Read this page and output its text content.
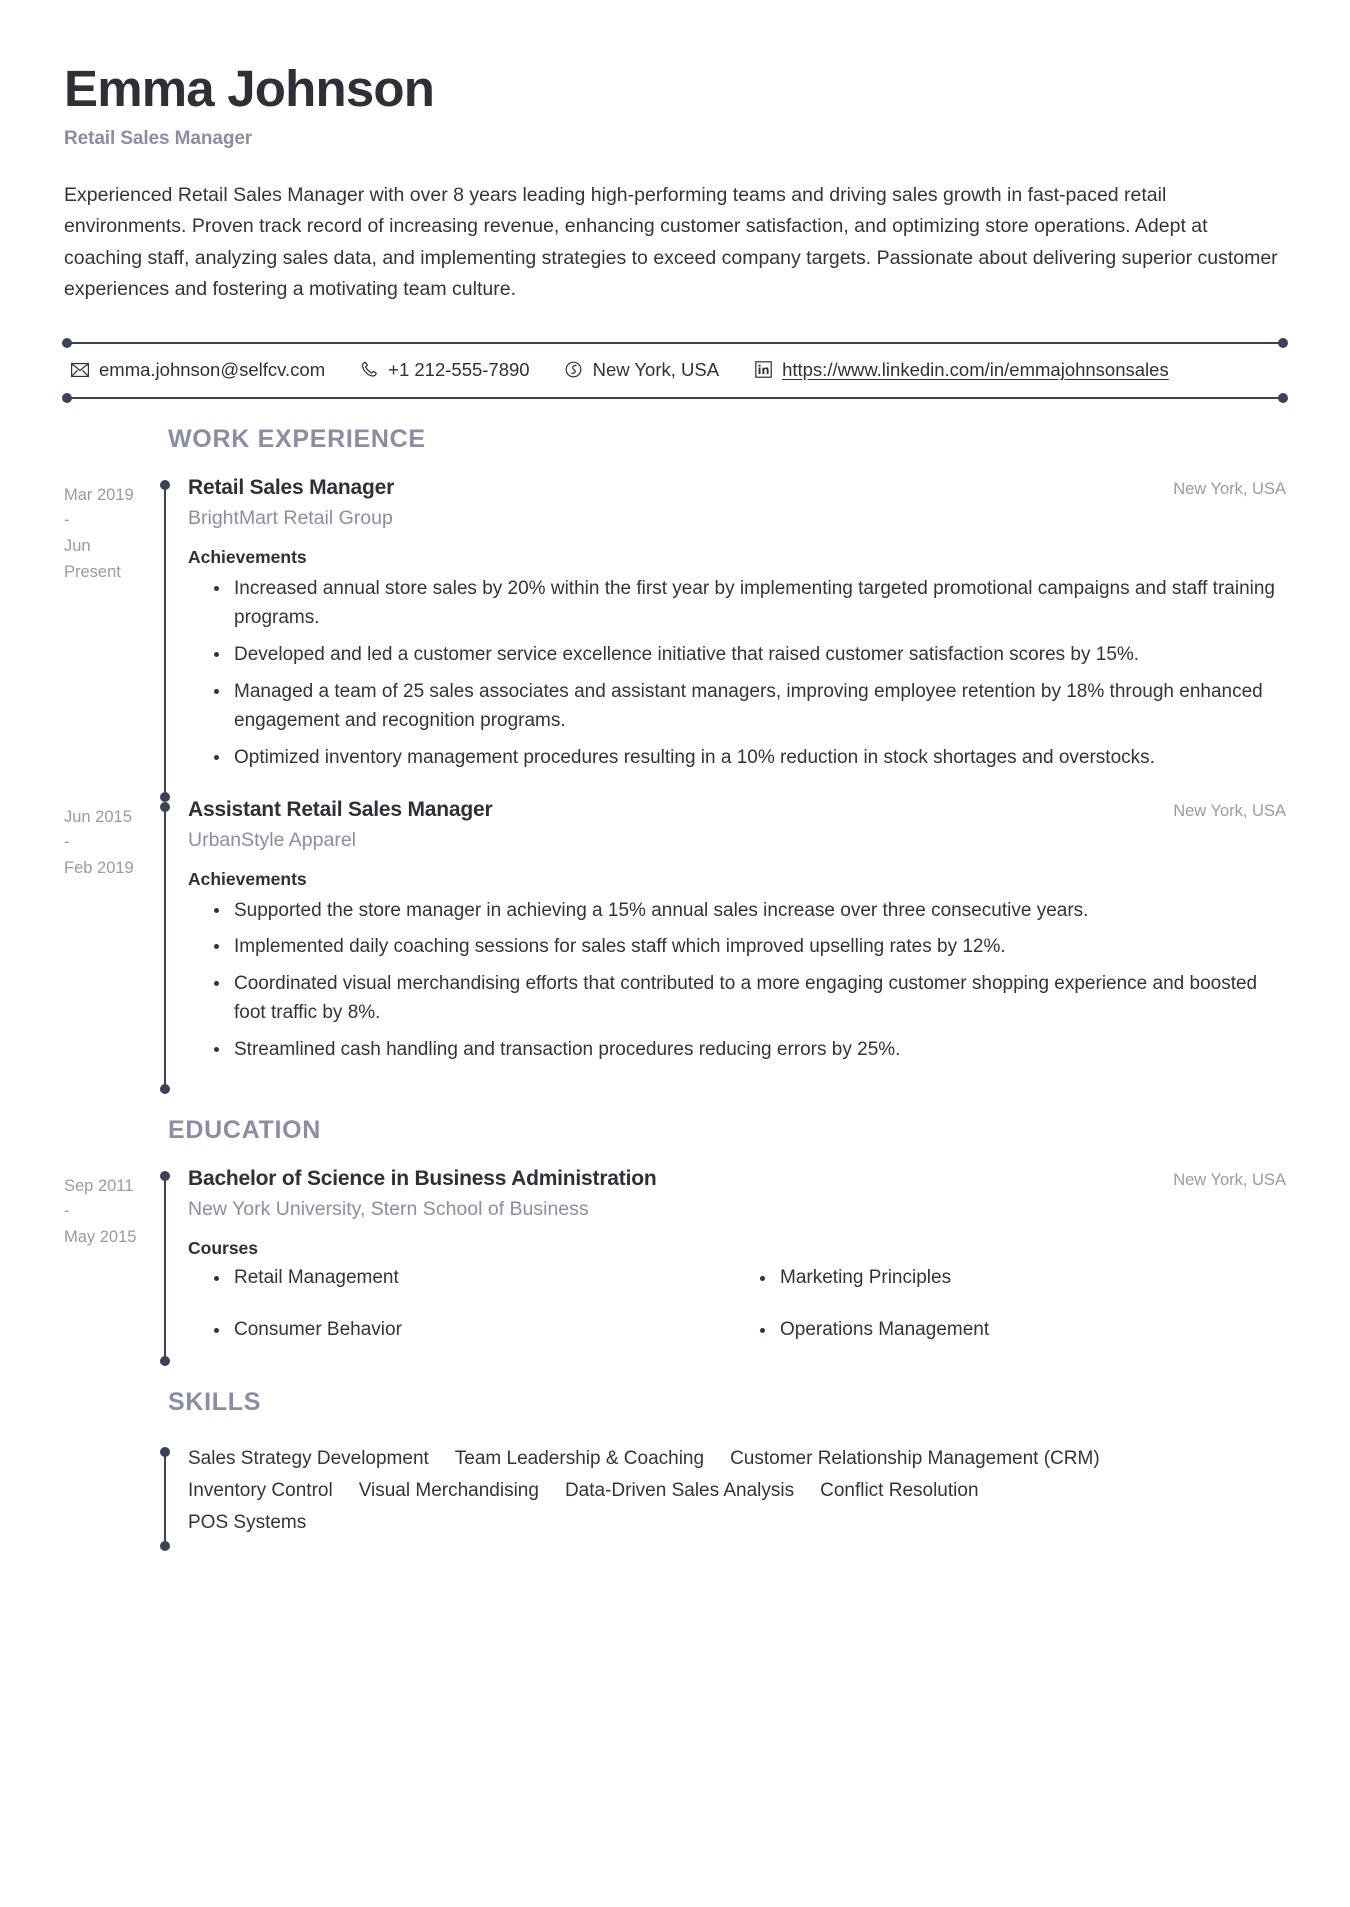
Emma Johnson
Retail Sales Manager

Experienced Retail Sales Manager with over 8 years leading high-performing teams and driving sales growth in fast-paced retail environments. Proven track record of increasing revenue, enhancing customer satisfaction, and optimizing store operations. Adept at coaching staff, analyzing sales data, and implementing strategies to exceed company targets. Passionate about delivering superior customer experiences and fostering a motivating team culture.

emma.johnson@selfcv.com	+1 212-555-7890	New York, USA	https://www.linkedin.com/in/emmajohnsonsales
WORK EXPERIENCE
Mar 2019
-
Jun
Present
Retail Sales Manager	New York, USA
BrightMart Retail Group
Achievements
Increased annual store sales by 20% within the first year by implementing targeted promotional campaigns and staff training programs.
Developed and led a customer service excellence initiative that raised customer satisfaction scores by 15%.
Managed a team of 25 sales associates and assistant managers, improving employee retention by 18% through enhanced engagement and recognition programs.
Optimized inventory management procedures resulting in a 10% reduction in stock shortages and overstocks.
Jun 2015
-
Feb 2019
Assistant Retail Sales Manager	New York, USA
UrbanStyle Apparel
Achievements
Supported the store manager in achieving a 15% annual sales increase over three consecutive years.
Implemented daily coaching sessions for sales staff which improved upselling rates by 12%.
Coordinated visual merchandising efforts that contributed to a more engaging customer shopping experience and boosted foot traffic by 8%.
Streamlined cash handling and transaction procedures reducing errors by 25%.
EDUCATION
Sep 2011
-
May 2015
Bachelor of Science in Business Administration	New York, USA
New York University, Stern School of Business
Courses
Retail Management	Marketing Principles
Consumer Behavior	Operations Management
SKILLS
Sales Strategy Development Team Leadership & Coaching Customer Relationship Management (CRM) Inventory Control Visual Merchandising Data-Driven Sales Analysis Conflict Resolution POS Systems
